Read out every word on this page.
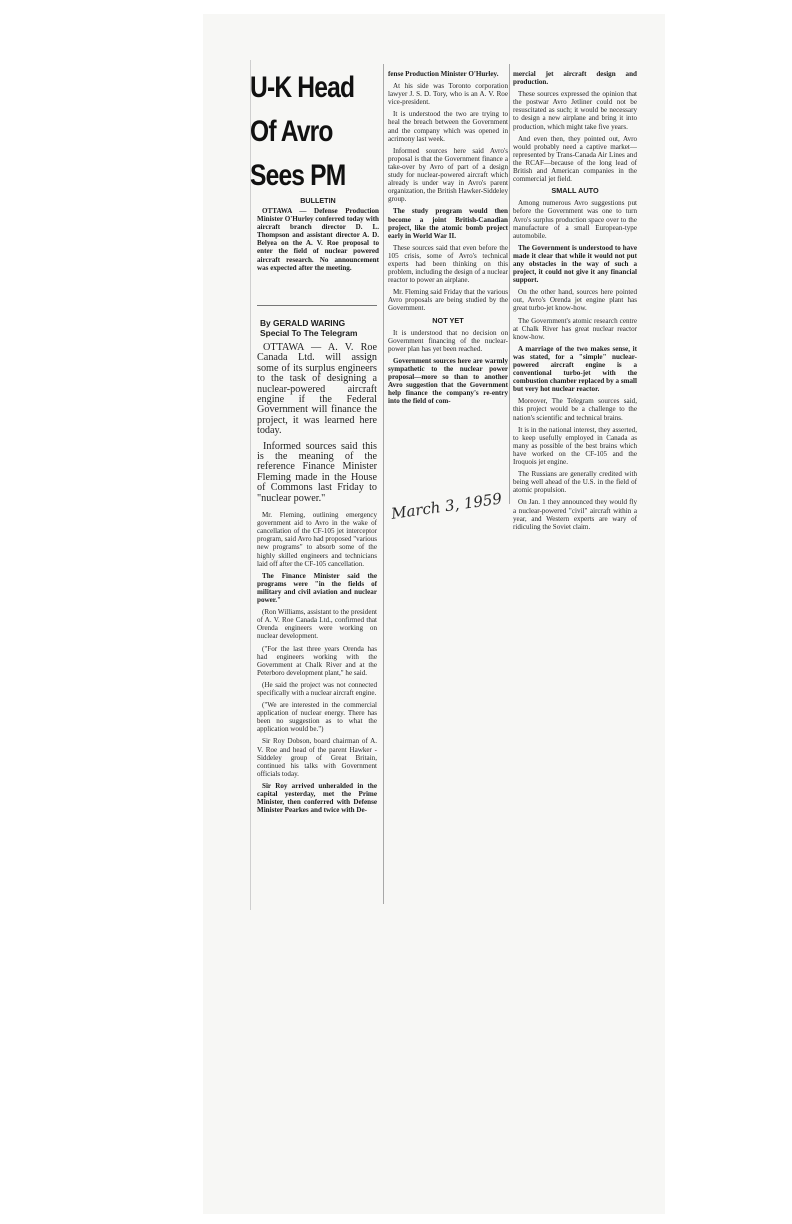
U-K Head
Of Avro
Sees PM
BULLETIN
OTTAWA — Defense Production Minister O'Hurley conferred today with aircraft branch director D. L. Thompson and assistant director A. D. Belyea on the A. V. Roe proposal to enter the field of nuclear powered aircraft research. No announcement was expected after the meeting.
By GERALD WARING
Special To The Telegram

OTTAWA — A. V. Roe Canada Ltd. will assign some of its surplus engineers to the task of designing a nuclear-powered aircraft engine if the Federal Government will finance the project, it was learned here today.

Informed sources said this is the meaning of the reference Finance Minister Fleming made in the House of Commons last Friday to "nuclear power."

Mr. Fleming, outlining emergency government aid to Avro in the wake of cancellation of the CF-105 jet interceptor program, said Avro had proposed "various new programs" to absorb some of the highly skilled engineers and technicians laid off after the CF-105 cancellation.

The Finance Minister said the programs were "in the fields of military and civil aviation and nuclear power."

(Ron Williams, assistant to the president of A. V. Roe Canada Ltd., confirmed that Orenda engineers were working on nuclear development.

("For the last three years Orenda has had engineers working with the Government at Chalk River and at the Peterboro development plant," he said.

(He said the project was not connected specifically with a nuclear aircraft engine.

("We are interested in the commercial application of nuclear energy. There has been no suggestion as to what the application would be.")

Sir Roy Dobson, board chairman of A. V. Roe and head of the parent Hawker - Siddeley group of Great Britain, continued his talks with Government officials today.

Sir Roy arrived unheralded in the capital yesterday, met the Prime Minister, then conferred with Defense Minister Pearkes and twice with De-

fense Production Minister O'Hurley.

At his side was Toronto corporation lawyer J. S. D. Tory, who is an A. V. Roe vice-president.

It is understood the two are trying to heal the breach between the Government and the company which was opened in acrimony last week.

Informed sources here said Avro's proposal is that the Government finance a take-over by Avro of part of a design study for nuclear-powered aircraft which already is under way in Avro's parent organization, the British Hawker-Siddeley group.

The study program would then become a joint British-Canadian project, like the atomic bomb project early in World War II.

These sources said that even before the 105 crisis, some of Avro's technical experts had been thinking on this problem, including the design of a nuclear reactor to power an airplane.

Mr. Fleming said Friday that the various Avro proposals are being studied by the Government.

NOT YET

It is understood that no decision on Government financing of the nuclear-power plan has yet been reached.

Government sources here are warmly sympathetic to the nuclear power proposal—more so than to another Avro suggestion that the Government help finance the company's re-entry into the field of com-

mercial jet aircraft design and production.

These sources expressed the opinion that the postwar Avro Jetliner could not be resuscitated as such; it would be necessary to design a new airplane and bring it into production, which might take five years.

And even then, they pointed out, Avro would probably need a captive market—represented by Trans-Canada Air Lines and the RCAF—because of the long lead of British and American companies in the commercial jet field.

SMALL AUTO

Among numerous Avro suggestions put before the Government was one to turn Avro's surplus production space over to the manufacture of a small European-type automobile.

The Government is understood to have made it clear that while it would not put any obstacles in the way of such a project, it could not give it any financial support.

On the other hand, sources here pointed out, Avro's Orenda jet engine plant has great turbo-jet know-how.

The Government's atomic research centre at Chalk River has great nuclear reactor know-how.

A marriage of the two makes sense, it was stated, for a "simple" nuclear-powered aircraft engine is a conventional turbo-jet with the combustion chamber replaced by a small but very hot nuclear reactor.

Moreover, The Telegram sources said, this project would be a challenge to the nation's scientific and technical brains.

It is in the national interest, they asserted, to keep usefully employed in Canada as many as possible of the best brains which have worked on the CF-105 and the Iroquois jet engine.

The Russians are generally credited with being well ahead of the U.S. in the field of atomic propulsion.

On Jan. 1 they announced they would fly a nuclear-powered "civil" aircraft within a year, and Western experts are wary of ridiculing the Soviet claim.

March 3, 1959
